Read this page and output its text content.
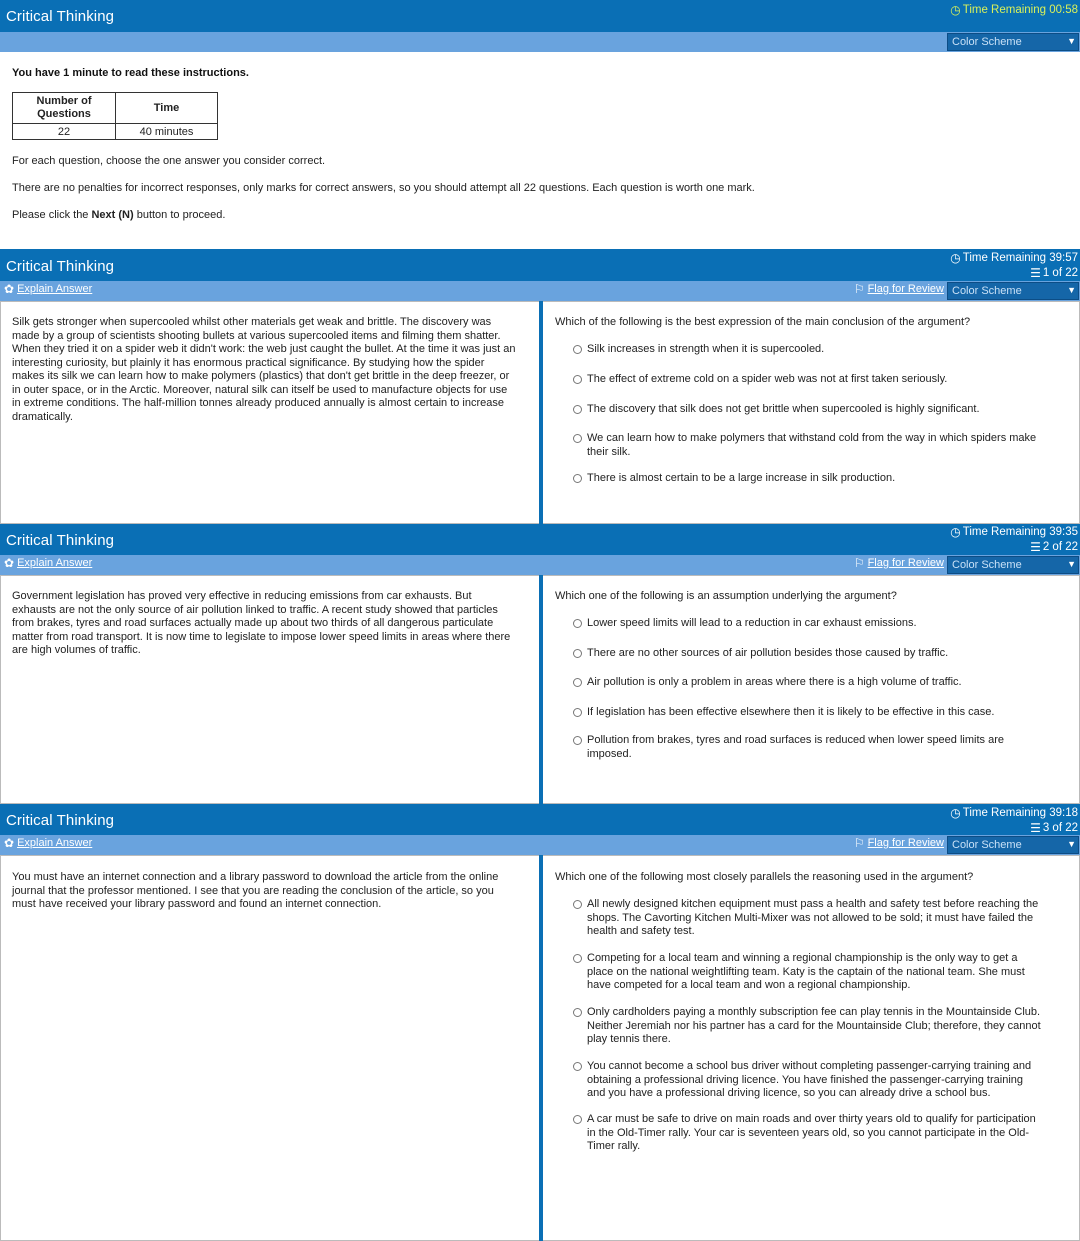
Critical Thinking	◷ Time Remaining 00:58
Color Scheme	▼
You have 1 minute to read these instructions.
Number of Questions	Time
22	40 minutes
For each question, choose the one answer you consider correct.
There are no penalties for incorrect responses, only marks for correct answers, so you should attempt all 22 questions. Each question is worth one mark.
Please click the Next (N) button to proceed.
Critical Thinking	◷ Time Remaining 39:57
☰ 1 of 22
✿ Explain Answer	⚐ Flag for Review Color Scheme	▼
Silk gets stronger when supercooled whilst other materials get weak and brittle. The discovery was made by a group of scientists shooting bullets at various supercooled items and filming them shatter. When they tried it on a spider web it didn't work: the web just caught the bullet. At the time it was just an interesting curiosity, but plainly it has enormous practical significance. By studying how the spider makes its silk we can learn how to make polymers (plastics) that don't get brittle in the deep freezer, or in outer space, or in the Arctic. Moreover, natural silk can itself be used to manufacture objects for use in extreme conditions. The half-million tonnes already produced annually is almost certain to increase dramatically.
Which of the following is the best expression of the main conclusion of the argument?
Silk increases in strength when it is supercooled.
The effect of extreme cold on a spider web was not at first taken seriously.
The discovery that silk does not get brittle when supercooled is highly significant.
We can learn how to make polymers that withstand cold from the way in which spiders make their silk.
There is almost certain to be a large increase in silk production.
Critical Thinking	◷ Time Remaining 39:35
☰ 2 of 22
✿ Explain Answer	⚐ Flag for Review Color Scheme	▼
Government legislation has proved very effective in reducing emissions from car exhausts. But exhausts are not the only source of air pollution linked to traffic. A recent study showed that particles from brakes, tyres and road surfaces actually made up about two thirds of all dangerous particulate matter from road transport. It is now time to legislate to impose lower speed limits in areas where there are high volumes of traffic.
Which one of the following is an assumption underlying the argument?
Lower speed limits will lead to a reduction in car exhaust emissions.
There are no other sources of air pollution besides those caused by traffic.
Air pollution is only a problem in areas where there is a high volume of traffic.
If legislation has been effective elsewhere then it is likely to be effective in this case.
Pollution from brakes, tyres and road surfaces is reduced when lower speed limits are imposed.
Critical Thinking	◷ Time Remaining 39:18
☰ 3 of 22
✿ Explain Answer	⚐ Flag for Review Color Scheme	▼
You must have an internet connection and a library password to download the article from the online journal that the professor mentioned. I see that you are reading the conclusion of the article, so you must have received your library password and found an internet connection.
Which one of the following most closely parallels the reasoning used in the argument?
All newly designed kitchen equipment must pass a health and safety test before reaching the shops. The Cavorting Kitchen Multi-Mixer was not allowed to be sold; it must have failed the health and safety test.
Competing for a local team and winning a regional championship is the only way to get a place on the national weightlifting team. Katy is the captain of the national team. She must have competed for a local team and won a regional championship.
Only cardholders paying a monthly subscription fee can play tennis in the Mountainside Club. Neither Jeremiah nor his partner has a card for the Mountainside Club; therefore, they cannot play tennis there.
You cannot become a school bus driver without completing passenger-carrying training and obtaining a professional driving licence. You have finished the passenger-carrying training and you have a professional driving licence, so you can already drive a school bus.
A car must be safe to drive on main roads and over thirty years old to qualify for participation in the Old-Timer rally. Your car is seventeen years old, so you cannot participate in the Old-Timer rally.
